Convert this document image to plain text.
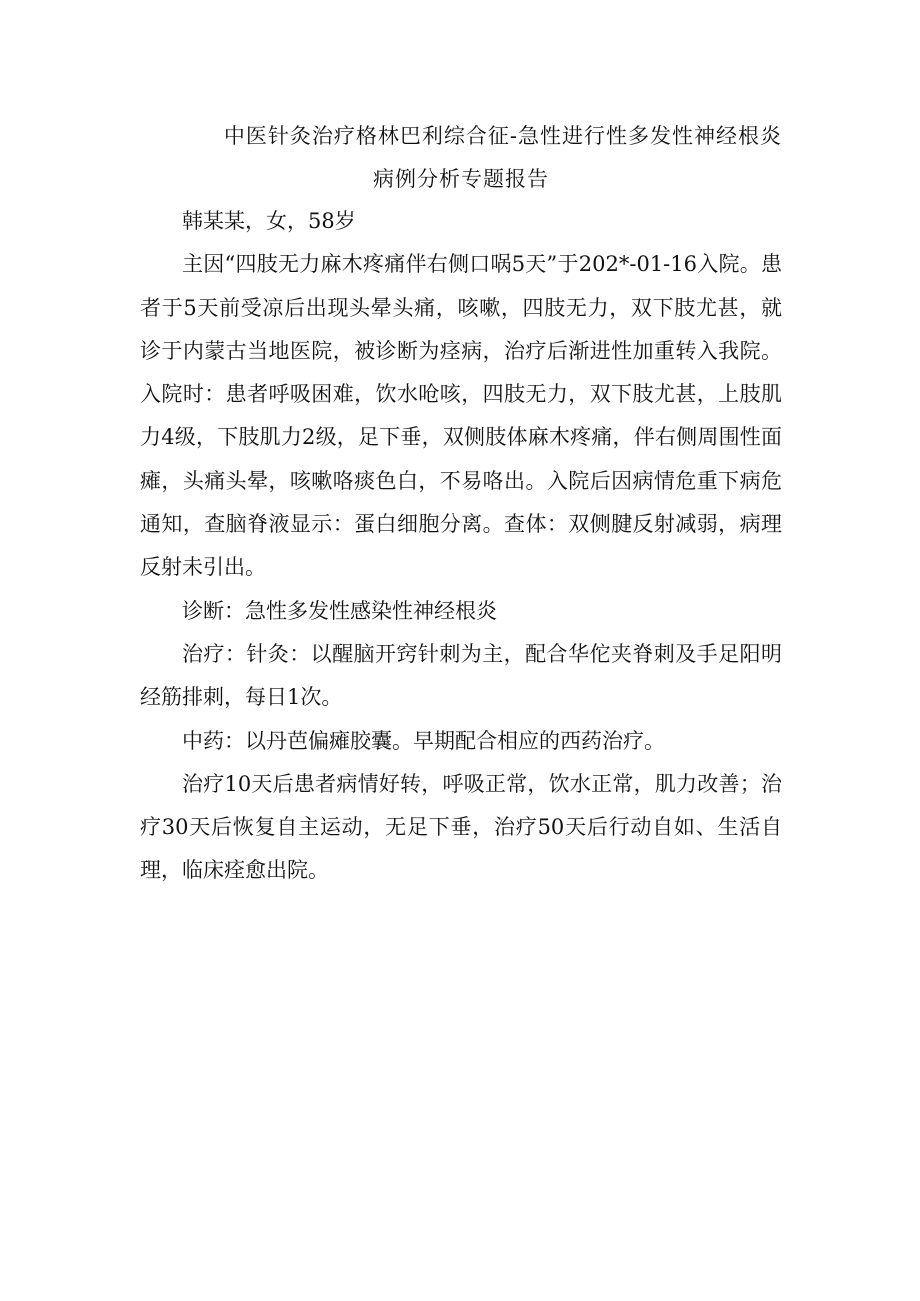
中医针灸治疗格林巴利综合征-急性进行性多发性神经根炎
病例分析专题报告

韩某某，女，58岁

主因“四肢无力麻木疼痛伴右侧口㖞5天”于202*-01-16入院。患者于5天前受凉后出现头晕头痛，咳嗽，四肢无力，双下肢尤甚，就诊于内蒙古当地医院，被诊断为痉病，治疗后渐进性加重转入我院。入院时：患者呼吸困难，饮水呛咳，四肢无力，双下肢尤甚，上肢肌力4级，下肢肌力2级，足下垂，双侧肢体麻木疼痛，伴右侧周围性面瘫，头痛头晕，咳嗽咯痰色白，不易咯出。入院后因病情危重下病危通知，查脑脊液显示：蛋白细胞分离。查体：双侧腱反射减弱，病理反射未引出。

诊断：急性多发性感染性神经根炎

治疗：针灸：以醒脑开窍针刺为主，配合华佗夹脊刺及手足阳明经筋排刺，每日1次。

中药：以丹芭偏瘫胶囊。早期配合相应的西药治疗。

治疗10天后患者病情好转，呼吸正常，饮水正常，肌力改善；治疗30天后恢复自主运动，无足下垂，治疗50天后行动自如、生活自理，临床痊愈出院。
